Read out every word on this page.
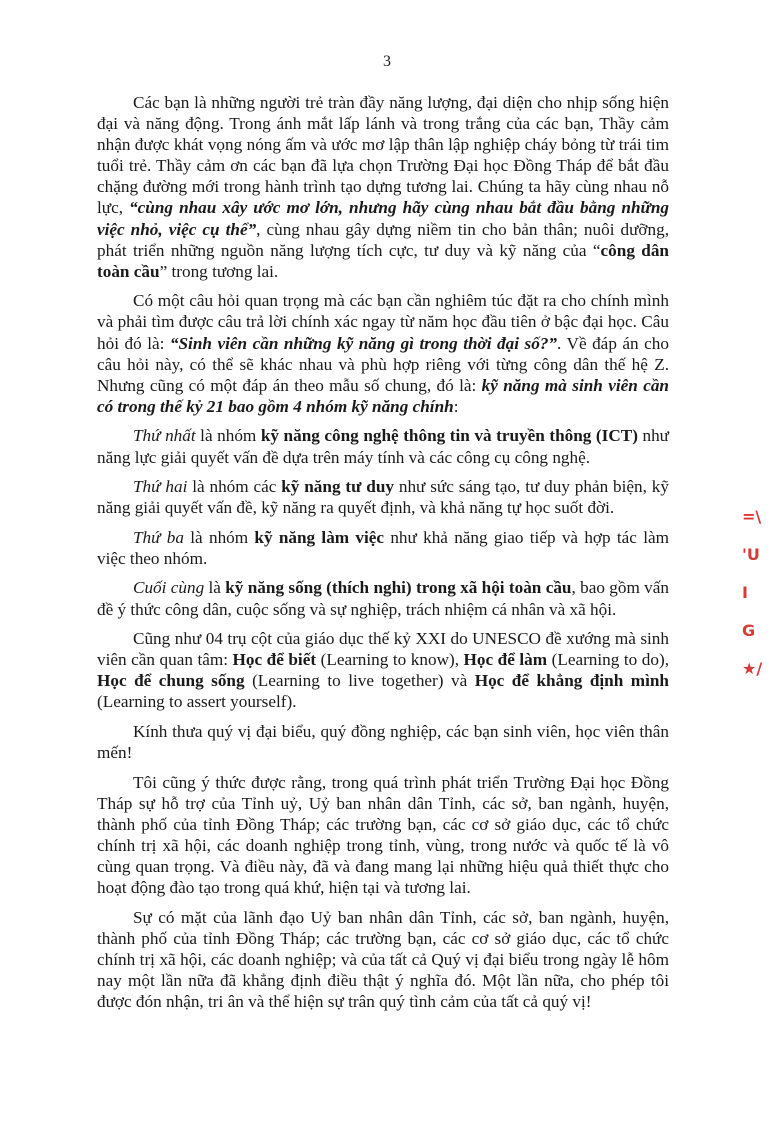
3

Các bạn là những người trẻ tràn đầy năng lượng, đại diện cho nhịp sống hiện đại và năng động. Trong ánh mắt lấp lánh và trong trắng của các bạn, Thầy cảm nhận được khát vọng nóng ấm và ước mơ lập thân lập nghiệp cháy bỏng từ trái tim tuổi trẻ. Thầy cảm ơn các bạn đã lựa chọn Trường Đại học Đồng Tháp để bắt đầu chặng đường mới trong hành trình tạo dựng tương lai. Chúng ta hãy cùng nhau nỗ lực, “cùng nhau xây ước mơ lớn, nhưng hãy cùng nhau bắt đầu bằng những việc nhỏ, việc cụ thể”, cùng nhau gây dựng niềm tin cho bản thân; nuôi dưỡng, phát triển những nguồn năng lượng tích cực, tư duy và kỹ năng của “công dân toàn cầu” trong tương lai.

Có một câu hỏi quan trọng mà các bạn cần nghiêm túc đặt ra cho chính mình và phải tìm được câu trả lời chính xác ngay từ năm học đầu tiên ở bậc đại học. Câu hỏi đó là: “Sinh viên cần những kỹ năng gì trong thời đại số?”. Về đáp án cho câu hỏi này, có thể sẽ khác nhau và phù hợp riêng với từng công dân thế hệ Z. Nhưng cũng có một đáp án theo mẫu số chung, đó là: kỹ năng mà sinh viên cần có trong thế kỷ 21 bao gồm 4 nhóm kỹ năng chính:

Thứ nhất là nhóm kỹ năng công nghệ thông tin và truyền thông (ICT) như năng lực giải quyết vấn đề dựa trên máy tính và các công cụ công nghệ.

Thứ hai là nhóm các kỹ năng tư duy như sức sáng tạo, tư duy phản biện, kỹ năng giải quyết vấn đề, kỹ năng ra quyết định, và khả năng tự học suốt đời.

Thứ ba là nhóm kỹ năng làm việc như khả năng giao tiếp và hợp tác làm việc theo nhóm.

Cuối cùng là kỹ năng sống (thích nghi) trong xã hội toàn cầu, bao gồm vấn đề ý thức công dân, cuộc sống và sự nghiệp, trách nhiệm cá nhân và xã hội.

Cũng như 04 trụ cột của giáo dục thế kỷ XXI do UNESCO đề xướng mà sinh viên cần quan tâm: Học để biết (Learning to know), Học để làm (Learning to do), Học để chung sống (Learning to live together) và Học để khẳng định mình (Learning to assert yourself).

Kính thưa quý vị đại biểu, quý đồng nghiệp, các bạn sinh viên, học viên thân mến!

Tôi cũng ý thức được rằng, trong quá trình phát triển Trường Đại học Đồng Tháp sự hỗ trợ của Tỉnh uỷ, Uỷ ban nhân dân Tỉnh, các sở, ban ngành, huyện, thành phố của tỉnh Đồng Tháp; các trường bạn, các cơ sở giáo dục, các tổ chức chính trị xã hội, các doanh nghiệp trong tỉnh, vùng, trong nước và quốc tế là vô cùng quan trọng. Và điều này, đã và đang mang lại những hiệu quả thiết thực cho hoạt động đào tạo trong quá khứ, hiện tại và tương lai.

Sự có mặt của lãnh đạo Uỷ ban nhân dân Tỉnh, các sở, ban ngành, huyện, thành phố của tỉnh Đồng Tháp; các trường bạn, các cơ sở giáo dục, các tổ chức chính trị xã hội, các doanh nghiệp; và của tất cả Quý vị đại biểu trong ngày lễ hôm nay một lần nữa đã khẳng định điều thật ý nghĩa đó. Một lần nữa, cho phép tôi được đón nhận, tri ân và thể hiện sự trân quý tình cảm của tất cả quý vị!

=\
'U
I
G
★/
